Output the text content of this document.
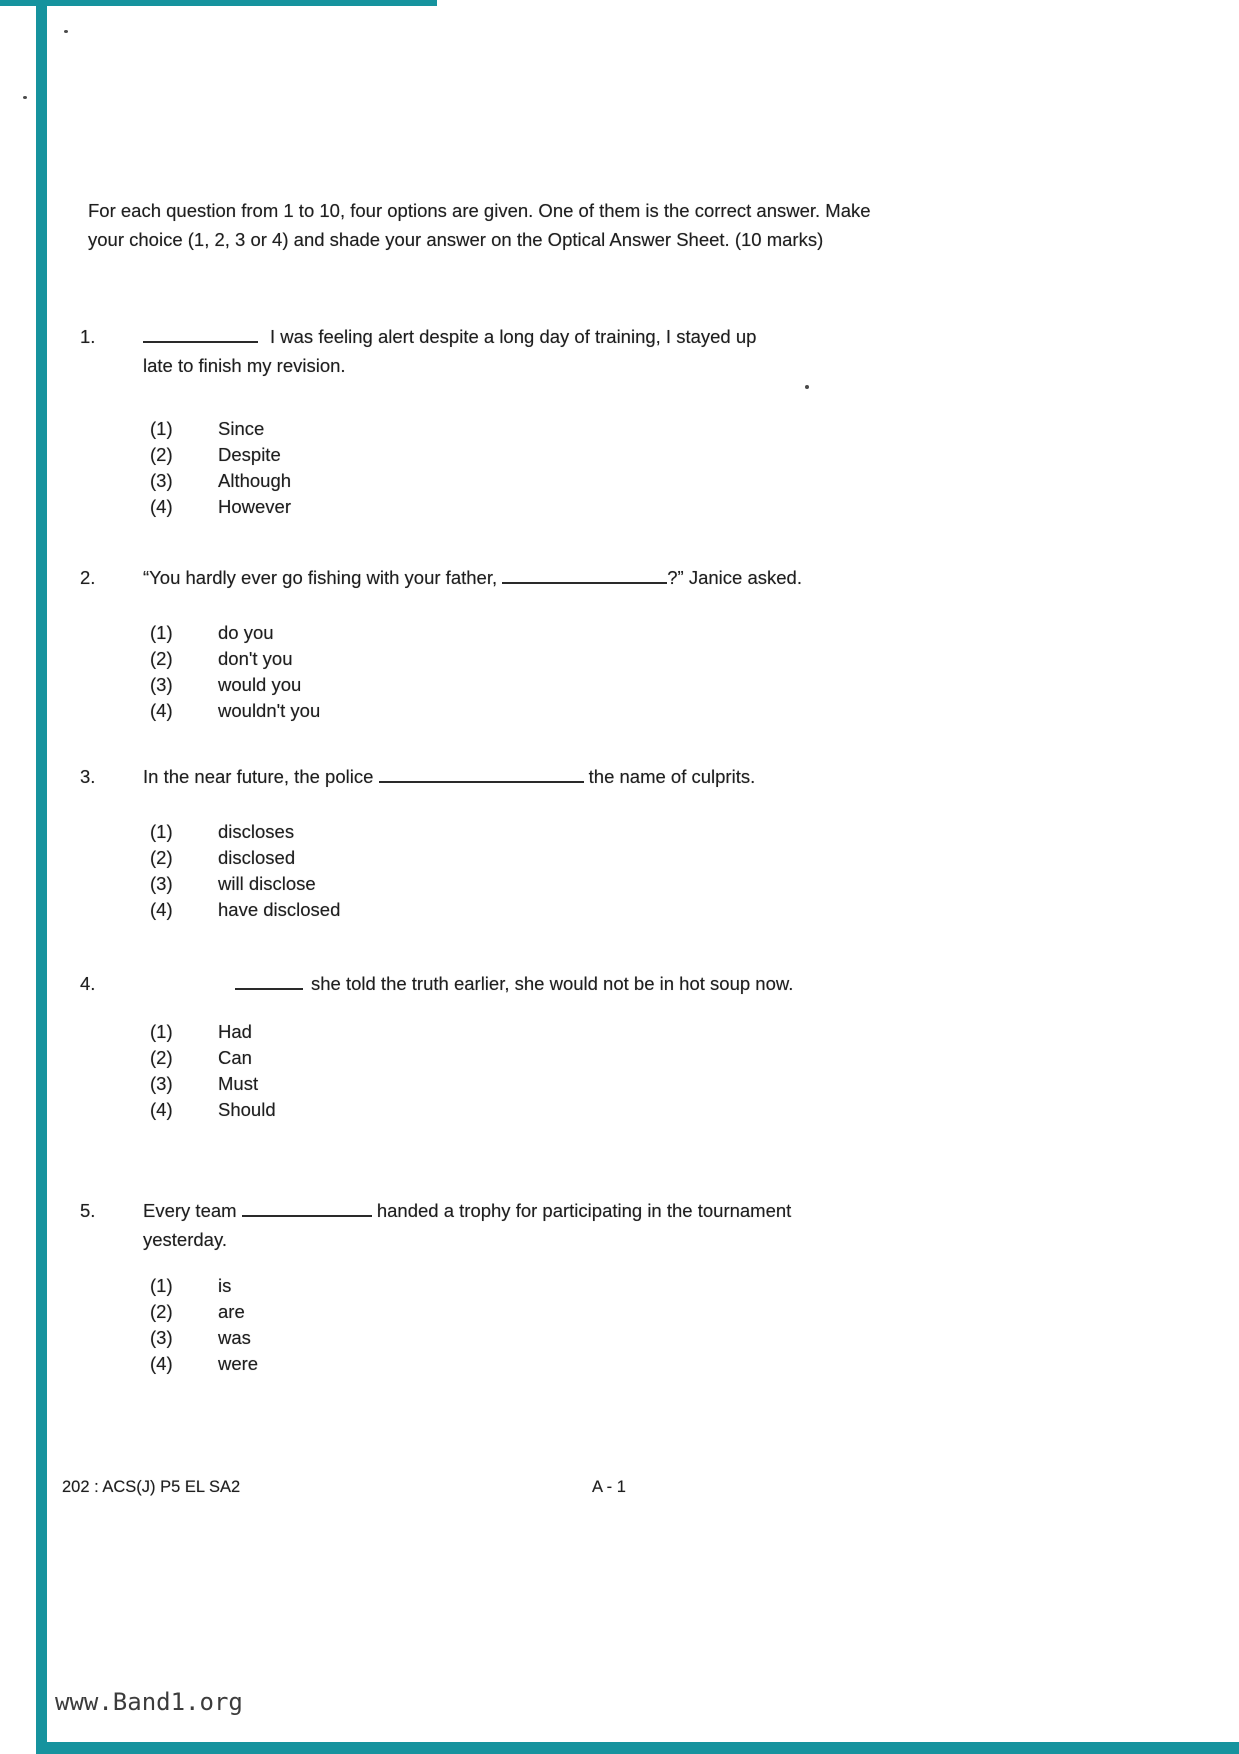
For each question from 1 to 10, four options are given. One of them is the correct answer. Make
your choice (1, 2, 3 or 4) and shade your answer on the Optical Answer Sheet. (10 marks)
1.	I was feeling alert despite a long day of training, I stayed up
late to finish my revision.
(1)	Since
(2)	Despite
(3)	Although
(4)	However
2.	“You hardly ever go fishing with your father,	?” Janice asked.
(1)	do you
(2)	don't you
(3)	would you
(4)	wouldn't you
3.	In the near future, the police	the name of culprits.
(1)	discloses
(2)	disclosed
(3)	will disclose
(4)	have disclosed
4.	she told the truth earlier, she would not be in hot soup now.
(1)	Had
(2)	Can
(3)	Must
(4)	Should
5.	Every team	handed a trophy for participating in the tournament
yesterday.
(1)	is
(2)	are
(3)	was
(4)	were
202 : ACS(J) P5 EL SA2	A - 1
www.Band1.org
